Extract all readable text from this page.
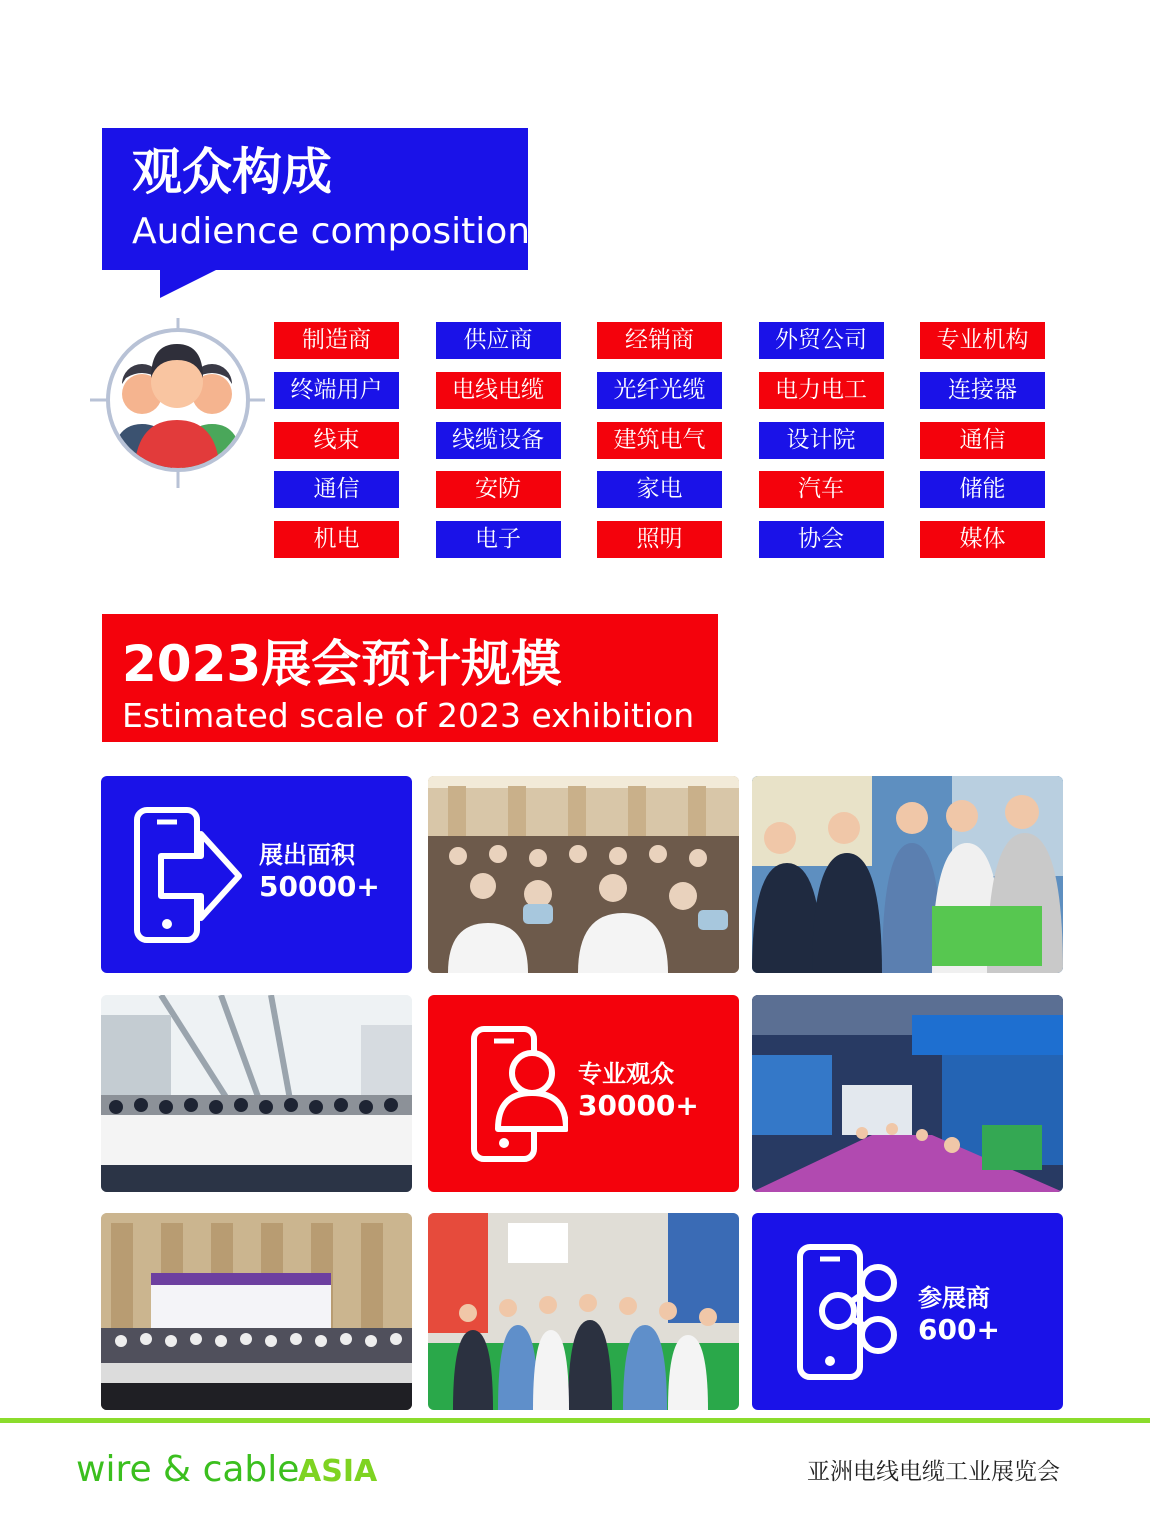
观众构成
Audience composition
制造商	供应商	经销商	外贸公司	专业机构
终端用户	电线电缆	光纤光缆	电力电工	连接器
线束	线缆设备	建筑电气	设计院	通信
通信	安防	家电	汽车	储能
机电	电子	照明	协会	媒体
2023展会预计规模
Estimated scale of 2023 exhibition
展出面积
50000+
专业观众
30000+
参展商
600+
wire & cable
ASIA	亚洲电线电缆工业展览会
